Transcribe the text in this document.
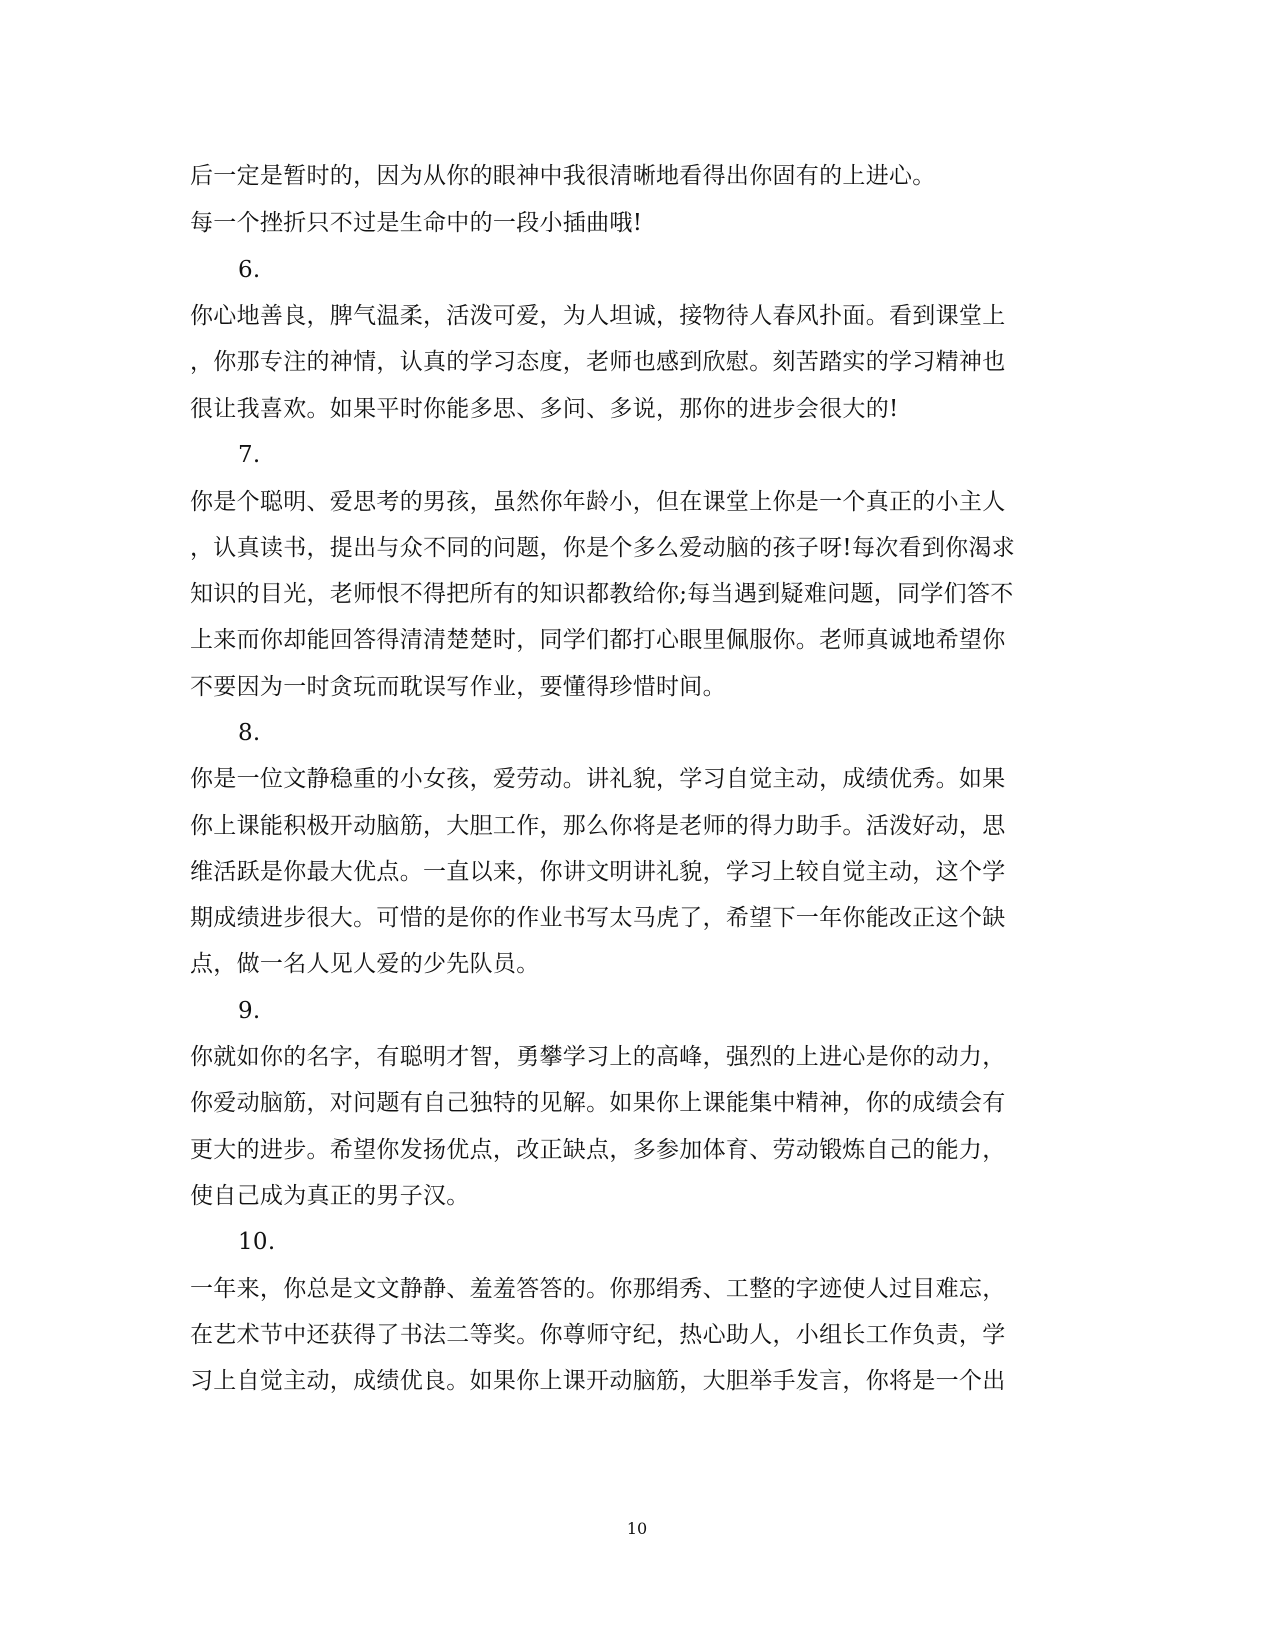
后一定是暂时的，因为从你的眼神中我很清晰地看得出你固有的上进心。
每一个挫折只不过是生命中的一段小插曲哦!
6.
你心地善良，脾气温柔，活泼可爱，为人坦诚，接物待人春风扑面。看到课堂上
，你那专注的神情，认真的学习态度，老师也感到欣慰。刻苦踏实的学习精神也
很让我喜欢。如果平时你能多思、多问、多说，那你的进步会很大的!
7.
你是个聪明、爱思考的男孩，虽然你年龄小，但在课堂上你是一个真正的小主人
，认真读书，提出与众不同的问题，你是个多么爱动脑的孩子呀!每次看到你渴求
知识的目光，老师恨不得把所有的知识都教给你;每当遇到疑难问题，同学们答不
上来而你却能回答得清清楚楚时，同学们都打心眼里佩服你。老师真诚地希望你
不要因为一时贪玩而耽误写作业，要懂得珍惜时间。
8.
你是一位文静稳重的小女孩，爱劳动。讲礼貌，学习自觉主动，成绩优秀。如果
你上课能积极开动脑筋，大胆工作，那么你将是老师的得力助手。活泼好动，思
维活跃是你最大优点。一直以来，你讲文明讲礼貌，学习上较自觉主动，这个学
期成绩进步很大。可惜的是你的作业书写太马虎了，希望下一年你能改正这个缺
点，做一名人见人爱的少先队员。
9.
你就如你的名字，有聪明才智，勇攀学习上的高峰，强烈的上进心是你的动力，
你爱动脑筋，对问题有自己独特的见解。如果你上课能集中精神，你的成绩会有
更大的进步。希望你发扬优点，改正缺点，多参加体育、劳动锻炼自己的能力，
使自己成为真正的男子汉。
10.
一年来，你总是文文静静、羞羞答答的。你那绢秀、工整的字迹使人过目难忘，
在艺术节中还获得了书法二等奖。你尊师守纪，热心助人，小组长工作负责，学
习上自觉主动，成绩优良。如果你上课开动脑筋，大胆举手发言，你将是一个出
10
